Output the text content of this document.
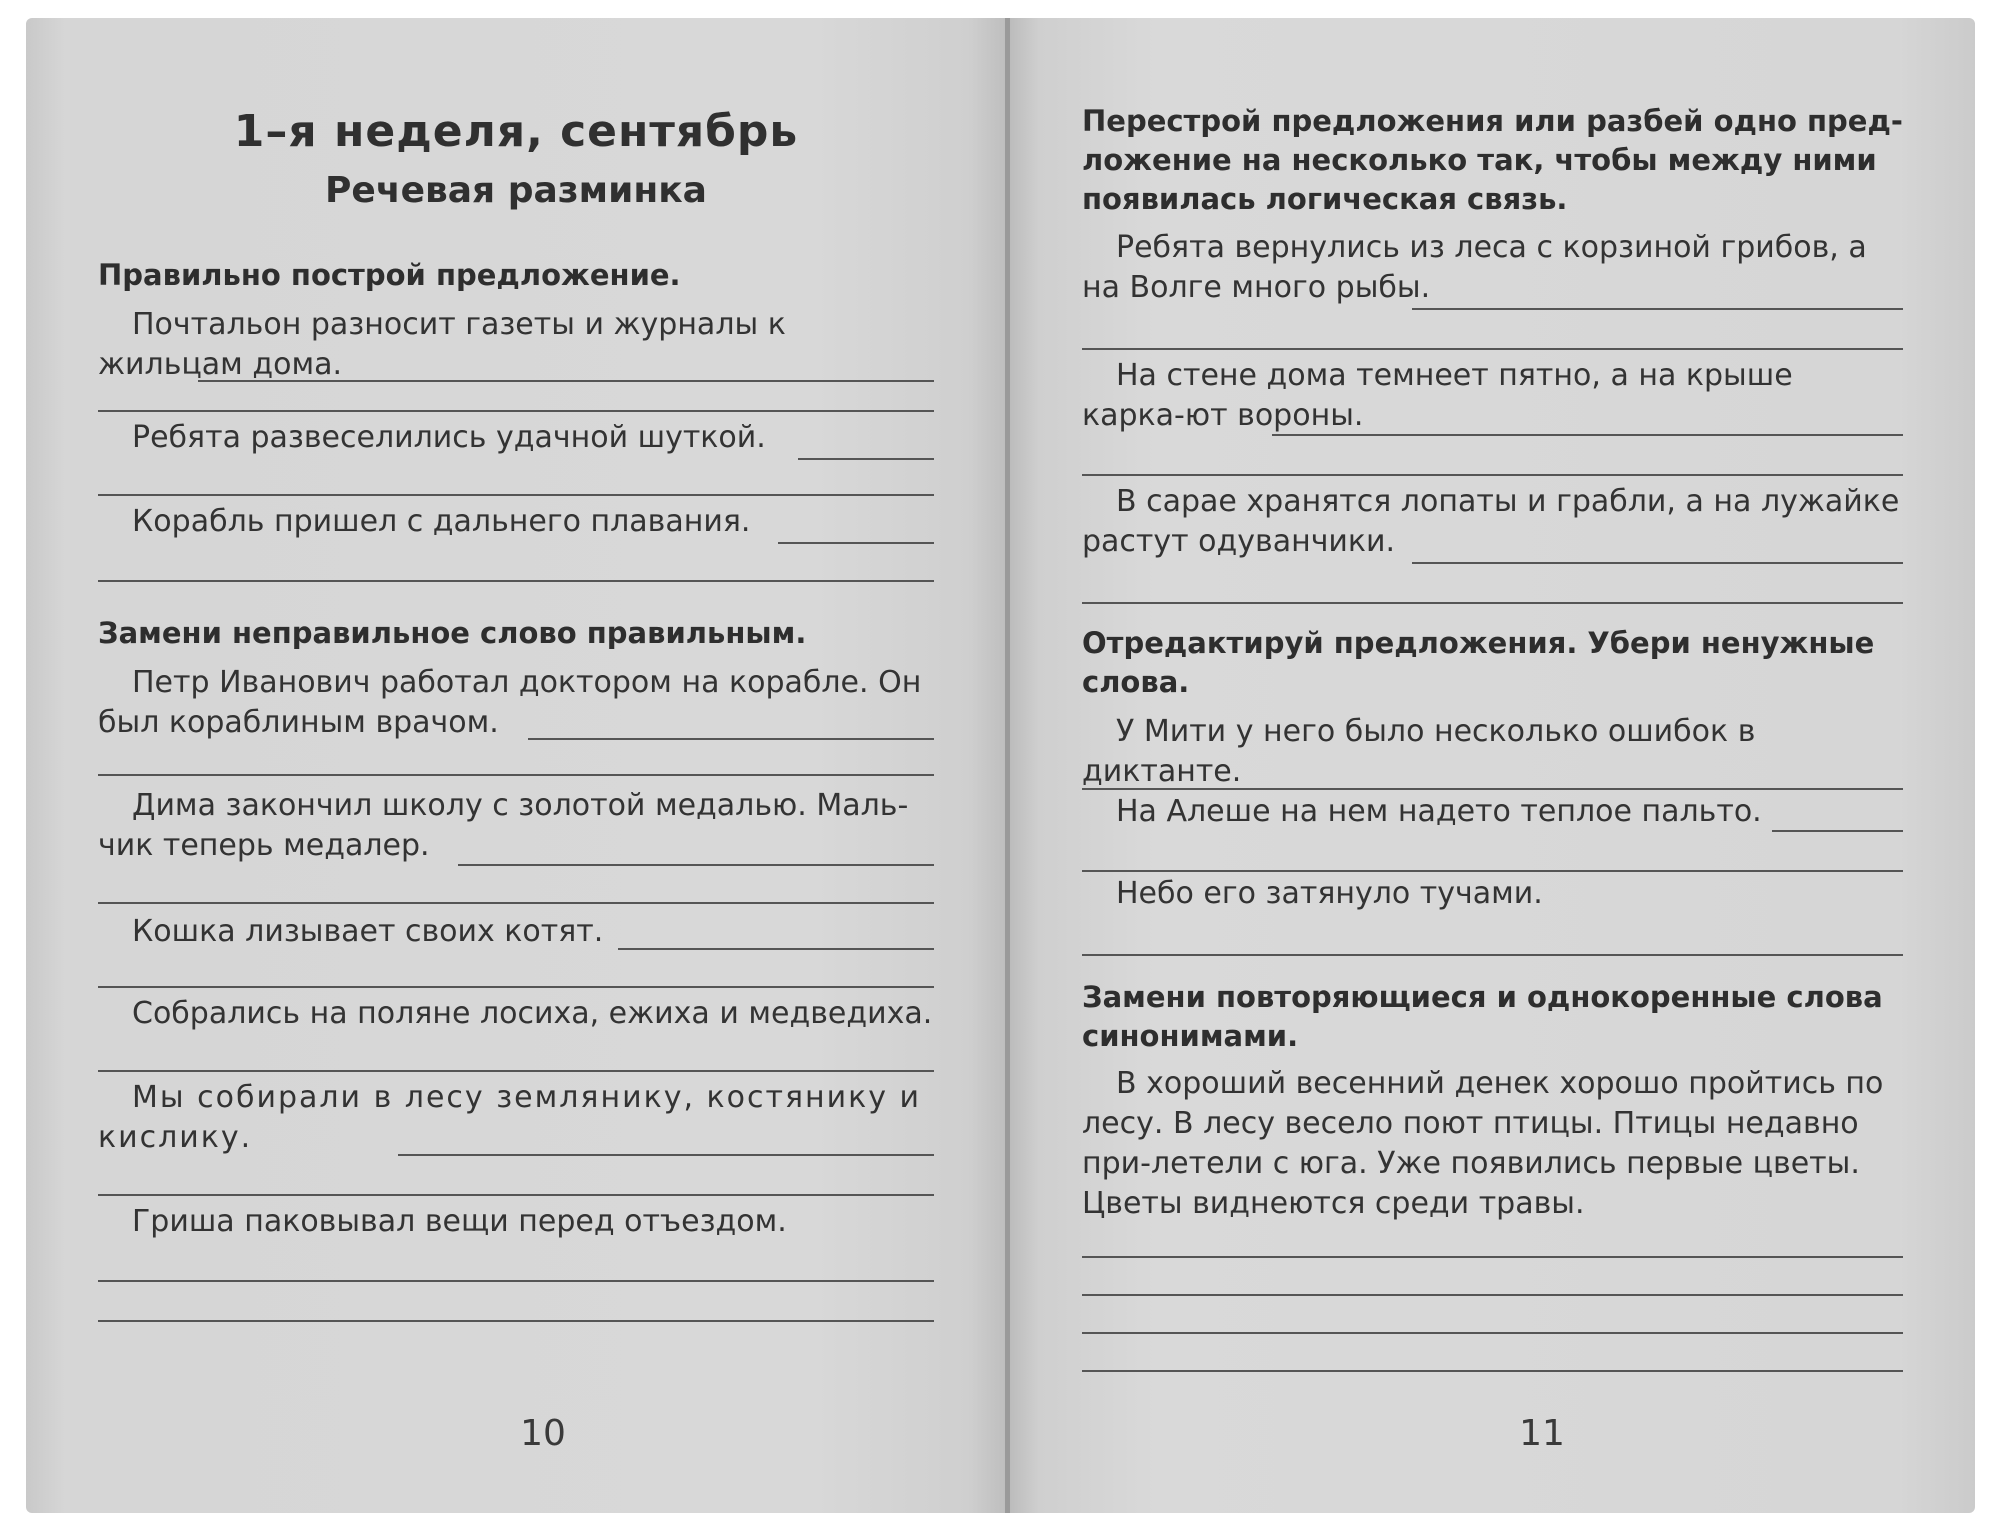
1–я неделя, сентябрь
Речевая разминка
Правильно построй предложение.
Почтальон разносит газеты и журналы к жильцам дома.
Ребята развеселились удачной шуткой.
Корабль пришел с дальнего плавания.
Замени неправильное слово правильным.
Петр Иванович работал доктором на корабле. Он был кораблиным врачом.
Дима закончил школу с золотой медалью. Маль-чик теперь медалер.
Кошка лизывает своих котят.
Собрались на поляне лосиха, ежиха и медведиха.
Мы собирали в лесу землянику, костянику и кислику.
Гриша паковывал вещи перед отъездом.
10
Перестрой предложения или разбей одно пред-ложение на несколько так, чтобы между ними появилась логическая связь.
Ребята вернулись из леса с корзиной грибов, а на Волге много рыбы.
На стене дома темнеет пятно, а на крыше карка-ют вороны.
В сарае хранятся лопаты и грабли, а на лужайке растут одуванчики.
Отредактируй предложения. Убери ненужные слова.
У Мити у него было несколько ошибок в диктанте.
На Алеше на нем надето теплое пальто.
Небо его затянуло тучами.
Замени повторяющиеся и однокоренные слова синонимами.
В хороший весенний денек хорошо пройтись по лесу. В лесу весело поют птицы. Птицы недавно при-летели с юга. Уже появились первые цветы. Цветы виднеются среди травы.
11
